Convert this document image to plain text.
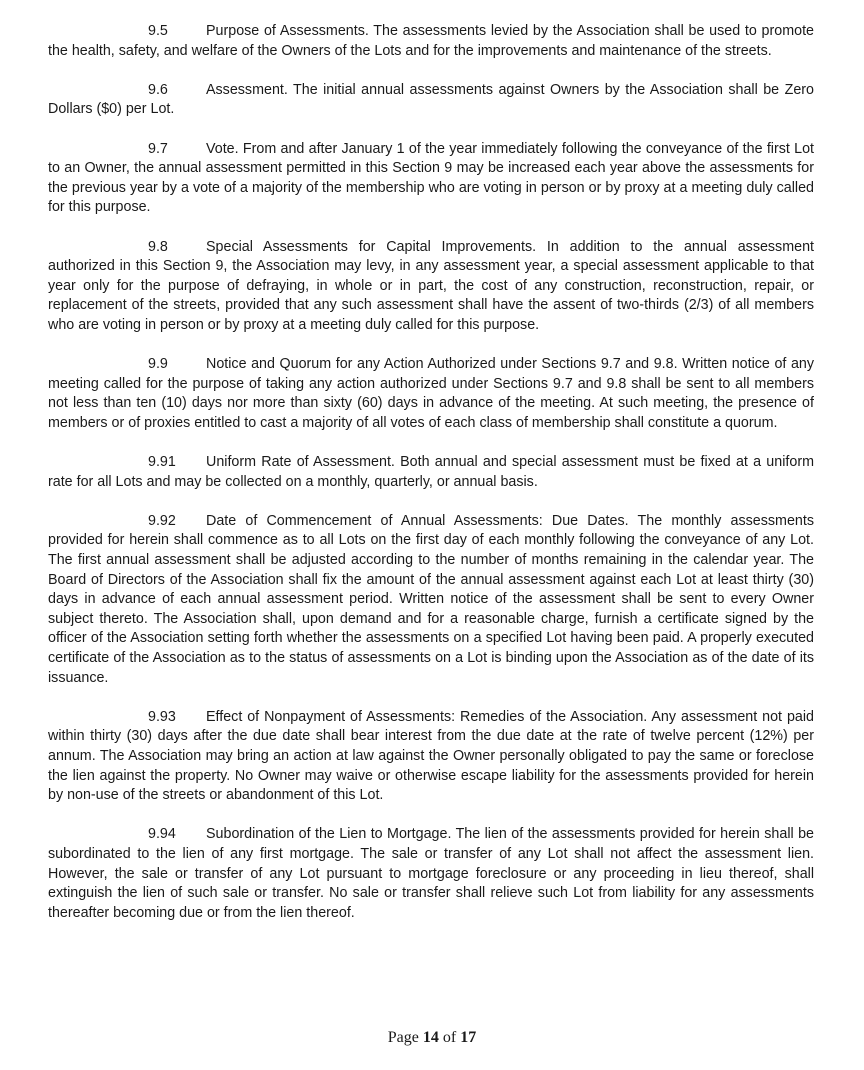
9.5	Purpose of Assessments. The assessments levied by the Association shall be used to promote the health, safety, and welfare of the Owners of the Lots and for the improvements and maintenance of the streets.

9.6	Assessment. The initial annual assessments against Owners by the Association shall be Zero Dollars ($0) per Lot.

9.7	Vote. From and after January 1 of the year immediately following the conveyance of the first Lot to an Owner, the annual assessment permitted in this Section 9 may be increased each year above the assessments for the previous year by a vote of a majority of the membership who are voting in person or by proxy at a meeting duly called for this purpose.

9.8	Special Assessments for Capital Improvements. In addition to the annual assessment authorized in this Section 9, the Association may levy, in any assessment year, a special assessment applicable to that year only for the purpose of defraying, in whole or in part, the cost of any construction, reconstruction, repair, or replacement of the streets, provided that any such assessment shall have the assent of two-thirds (2/3) of all members who are voting in person or by proxy at a meeting duly called for this purpose.

9.9	Notice and Quorum for any Action Authorized under Sections 9.7 and 9.8. Written notice of any meeting called for the purpose of taking any action authorized under Sections 9.7 and 9.8 shall be sent to all members not less than ten (10) days nor more than sixty (60) days in advance of the meeting. At such meeting, the presence of members or of proxies entitled to cast a majority of all votes of each class of membership shall constitute a quorum.

9.91 Uniform Rate of Assessment. Both annual and special assessment must be fixed at a uniform rate for all Lots and may be collected on a monthly, quarterly, or annual basis.

9.92 Date of Commencement of Annual Assessments: Due Dates. The monthly assessments provided for herein shall commence as to all Lots on the first day of each monthly following the conveyance of any Lot. The first annual assessment shall be adjusted according to the number of months remaining in the calendar year. The Board of Directors of the Association shall fix the amount of the annual assessment against each Lot at least thirty (30) days in advance of each annual assessment period. Written notice of the assessment shall be sent to every Owner subject thereto. The Association shall, upon demand and for a reasonable charge, furnish a certificate signed by the officer of the Association setting forth whether the assessments on a specified Lot having been paid. A properly executed certificate of the Association as to the status of assessments on a Lot is binding upon the Association as of the date of its issuance.

9.93 Effect of Nonpayment of Assessments: Remedies of the Association. Any assessment not paid within thirty (30) days after the due date shall bear interest from the due date at the rate of twelve percent (12%) per annum. The Association may bring an action at law against the Owner personally obligated to pay the same or foreclose the lien against the property. No Owner may waive or otherwise escape liability for the assessments provided for herein by non-use of the streets or abandonment of this Lot.

9.94 Subordination of the Lien to Mortgage. The lien of the assessments provided for herein shall be subordinated to the lien of any first mortgage. The sale or transfer of any Lot shall not affect the assessment lien. However, the sale or transfer of any Lot pursuant to mortgage foreclosure or any proceeding in lieu thereof, shall extinguish the lien of such sale or transfer. No sale or transfer shall relieve such Lot from liability for any assessments thereafter becoming due or from the lien thereof.

Page 14 of 17
